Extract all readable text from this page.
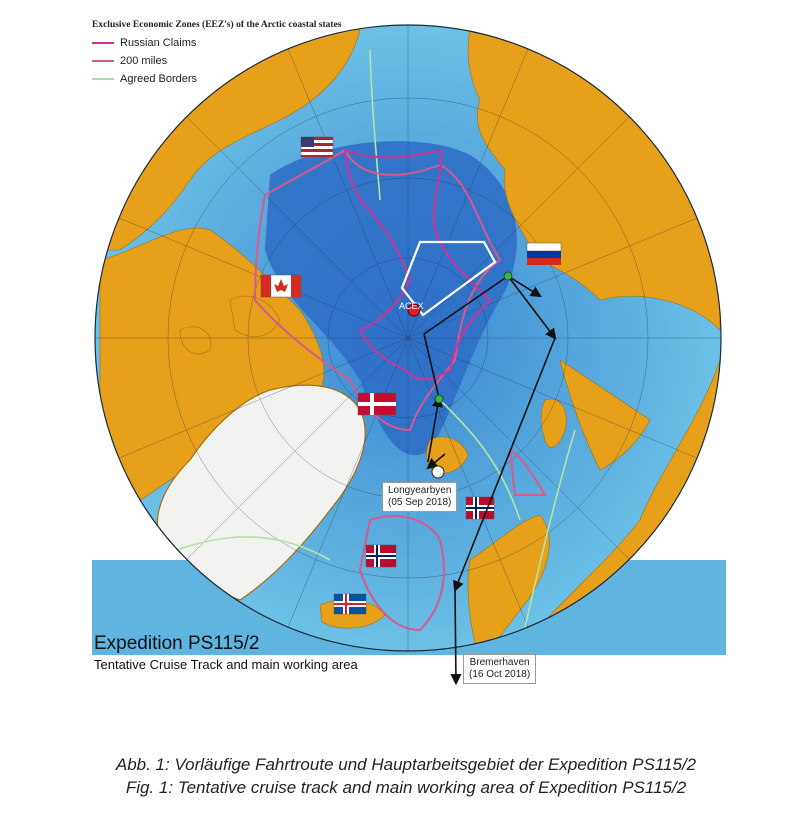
Exclusive Economic Zones (EEZ's) of the Arctic coastal states
Russian Claims
200 miles
Agreed Borders
ACEX
Longyearbyen
(05 Sep 2018)
Bremerhaven
(16 Oct 2018)
Expedition PS115/2
Tentative Cruise Track and main working area
Abb. 1: Vorläufige Fahrtroute und Hauptarbeitsgebiet der Expedition PS115/2
Fig. 1: Tentative cruise track and main working area of Expedition PS115/2
